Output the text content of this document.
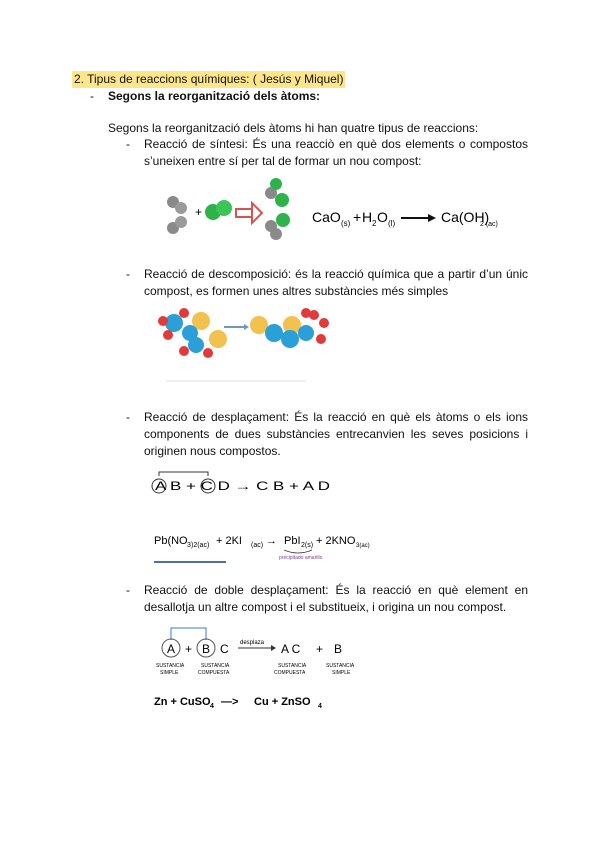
2. Tipus de reaccions químiques: ( Jesús y Miquel)
- Segons la reorganització dels àtoms:
Segons la reorganització dels àtoms hi han quatre tipus de reaccions:
- Reacció de síntesi: És una reacciò en què dos elements o compostos s’uneixen entre sí per tal de formar un nou compost:
+	CaO (s) + H 2 O (l)	Ca(OH)
2 (ac)
- Reacció de descomposició: és la reacció química que a partir d’un únic compost, es formen unes altres substàncies més simples
- Reacció de desplaçament: És la reacció en què els àtoms o els ions components de dues substàncies entrecanvien les seves posicions i originen nous compostos.
A B + C D → C B + A D
Pb(NO 3 )2(ac) + 2KI (ac) → PbI 2(s) + 2KNO 3(ac)
precipitado amarillo
- Reacció de doble desplaçament: És la reacció en què element en desallotja un altre compost i el substitueix, i origina un nou compost.
A + B C desplaza A C + B
SUSTANCIA
SIMPLE
SUSTANCIA
COMPUESTA
SUSTANCIA
COMPUESTA
SUSTANCIA
SIMPLE
Zn + CuSO 4 —> Cu + ZnSO 4
